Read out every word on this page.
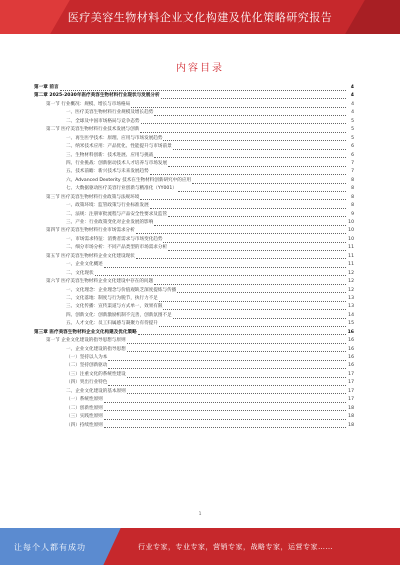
医疗美容生物材料企业文化构建及优化策略研究报告
内容目录
第一章 前言	4
第二章 2025-2030年医疗美容生物材料行业现状与发展分析	4
第一节 行业概况：规模、增长与市场格局	4
一、医疗美容生物材料行业规模及增长趋势	4
二、全球及中国市场格局与竞争态势	5
第二节 医疗美容生物材料行业技术发展与创新	5
一、再生医学技术：原理、应用与市场发展趋势	5
二、纳米技术应用：产品优化、性能提升与市场前景	6
三、生物材料创新：技术进展、应用与挑战	6
四、行业挑战：创新驱动技术人才培养与市场发展	7
五、技术前瞻：新兴技术与未来发展趋势	7
六、Advanced Dexterity 技术在生物材料创新研究中的应用	8
七、大数据驱动医疗美容行业创新与精准化（YY001）	8
第三节 医疗美容生物材料行业政策与法规环境	8
一、政策环境：监管政策与行业标准发展	8
二、法规：注册审批流程与产品安全性要求及监管	9
三、产业：行业政策变化对企业发展的影响	10
第四节 医疗美容生物材料行业市场需求分析	10
一、市场需求特征：消费者需求与市场变化趋势	10
二、细分市场分析：不同产品类型的市场需求分析	11
第五节 医疗美容生物材料企业文化建设现状	11
一、企业文化概述	11
二、文化现状	12
第六节 医疗美容生物材料企业文化建设中存在的问题	12
一、文化理念：企业理念与价值观缺乏深度提炼与传播	12
二、文化落地：制度与行为脱节，执行力不足	13
三、文化传播：宣传渠道与方式单一，效果有限	13
四、创新文化：创新激励机制不完善，创新氛围不足	14
五、人才文化：员工归属感与凝聚力有待提升	15
第三章 医疗美容生物材料企业文化构建及优化策略	16
第一节 企业文化建设的指导思想与原则	16
一、企业文化建设的指导思想	16
（一）坚持以人为本	16
（二）坚持创新驱动	16
（三）注重文化的系统性建设	17
（四）突出行业特色	17
二、企业文化建设的基本原则	17
（一）系统性原则	17
（二）创新性原则	18
（三）实践性原则	18
（四）持续性原则	18
1
让每个人都有成功	行业专家，专业专家，营销专家，战略专家，运营专家……
